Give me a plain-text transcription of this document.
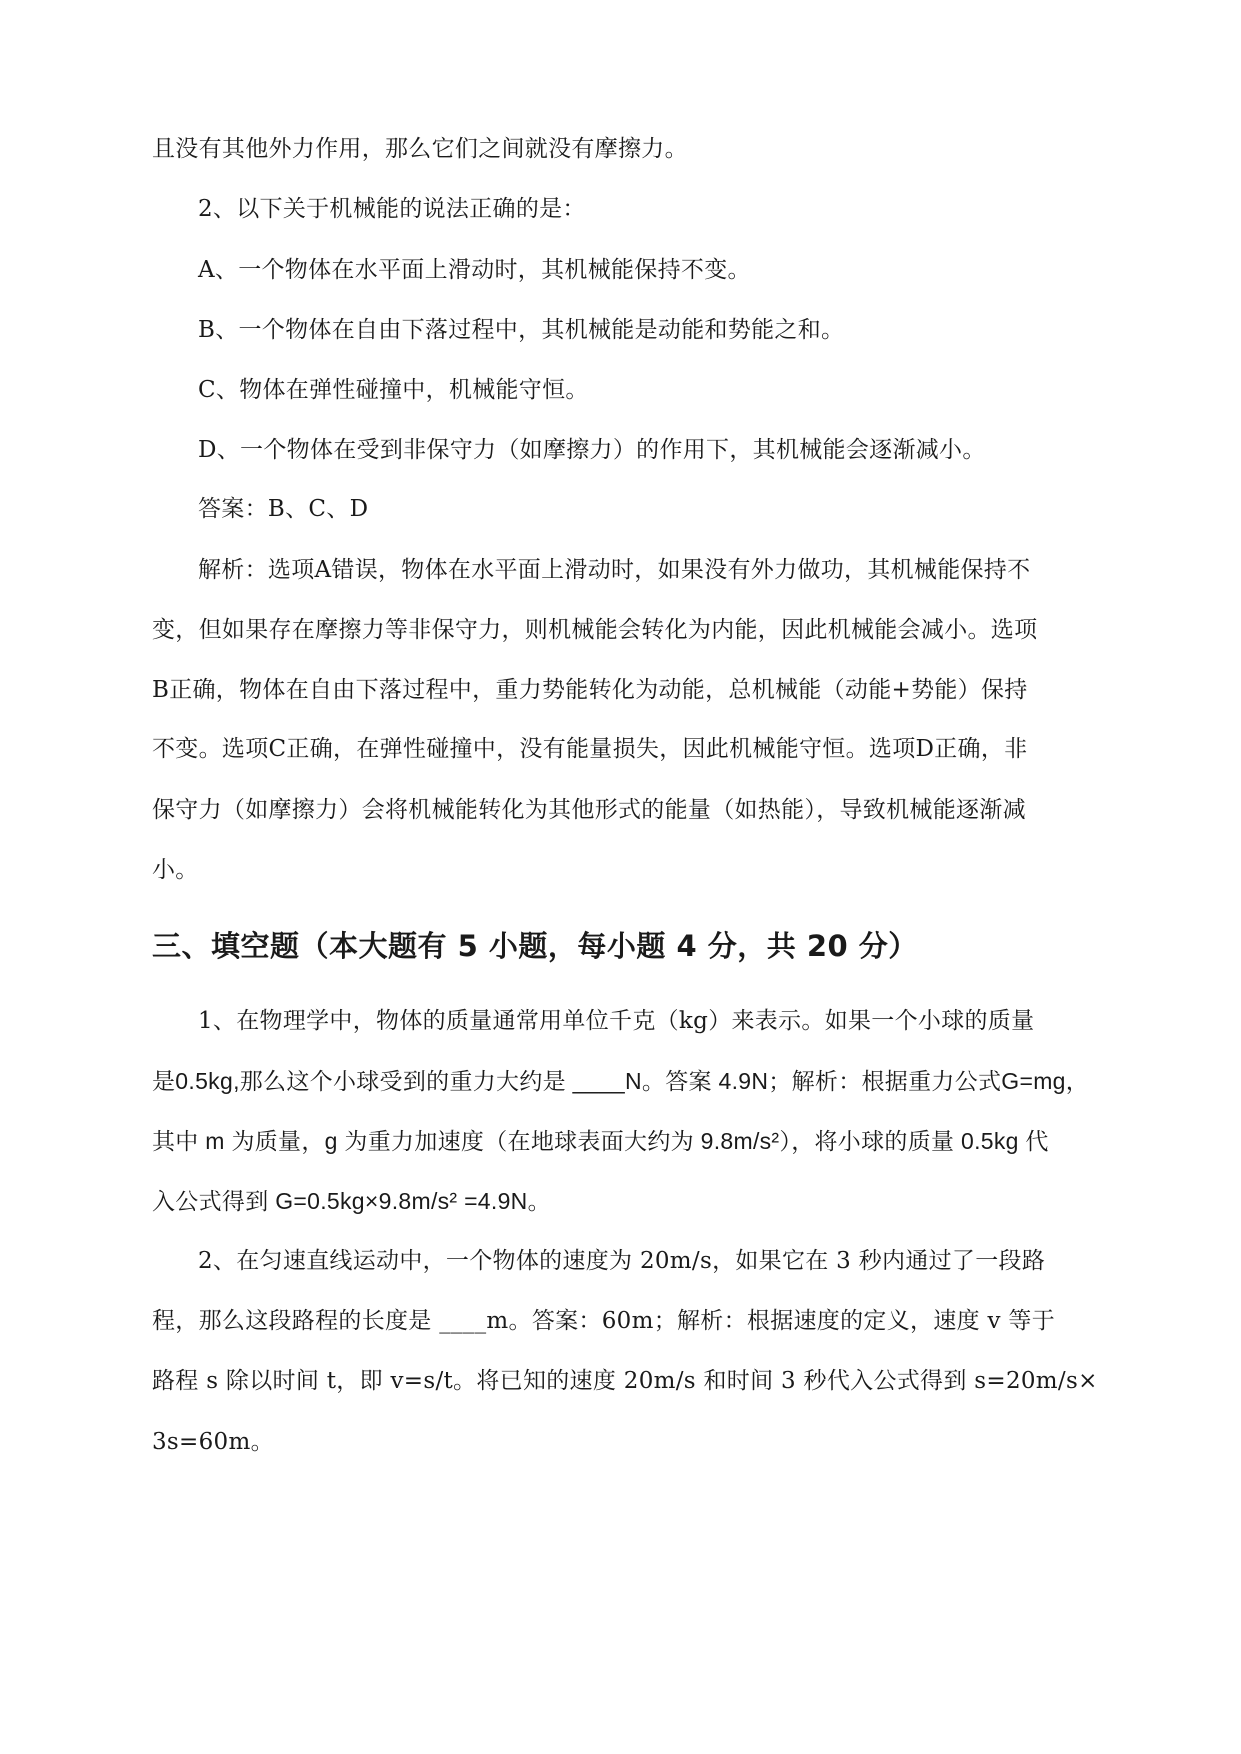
且没有其他外力作用，那么它们之间就没有摩擦力。
2、以下关于机械能的说法正确的是：
A、一个物体在水平面上滑动时，其机械能保持不变。
B、一个物体在自由下落过程中，其机械能是动能和势能之和。
C、物体在弹性碰撞中，机械能守恒。
D、一个物体在受到非保守力（如摩擦力）的作用下，其机械能会逐渐减小。
答案：B、C、D
解析：选项A错误，物体在水平面上滑动时，如果没有外力做功，其机械能保持不
变，但如果存在摩擦力等非保守力，则机械能会转化为内能，因此机械能会减小。选项
B正确，物体在自由下落过程中，重力势能转化为动能，总机械能（动能+势能）保持
不变。选项C正确，在弹性碰撞中，没有能量损失，因此机械能守恒。选项D正确，非
保守力（如摩擦力）会将机械能转化为其他形式的能量（如热能），导致机械能逐渐减
小。
三、填空题（本大题有 5 小题，每小题 4 分，共 20 分）
1、在物理学中，物体的质量通常用单位千克（kg）来表示。如果一个小球的质量
是0.5kg,那么这个小球受到的重力大约是 ____N。答案 4.9N；解析：根据重力公式G=mg，
其中 m 为质量，g 为重力加速度（在地球表面大约为 9.8m/s²），将小球的质量 0.5kg 代
入公式得到 G=0.5kg×9.8m/s² =4.9N。
2、在匀速直线运动中，一个物体的速度为 20m/s，如果它在 3 秒内通过了一段路
程，那么这段路程的长度是 ____m。答案：60m；解析：根据速度的定义，速度 v 等于
路程 s 除以时间 t，即 v=s/t。将已知的速度 20m/s 和时间 3 秒代入公式得到 s=20m/s×
3s=60m。
